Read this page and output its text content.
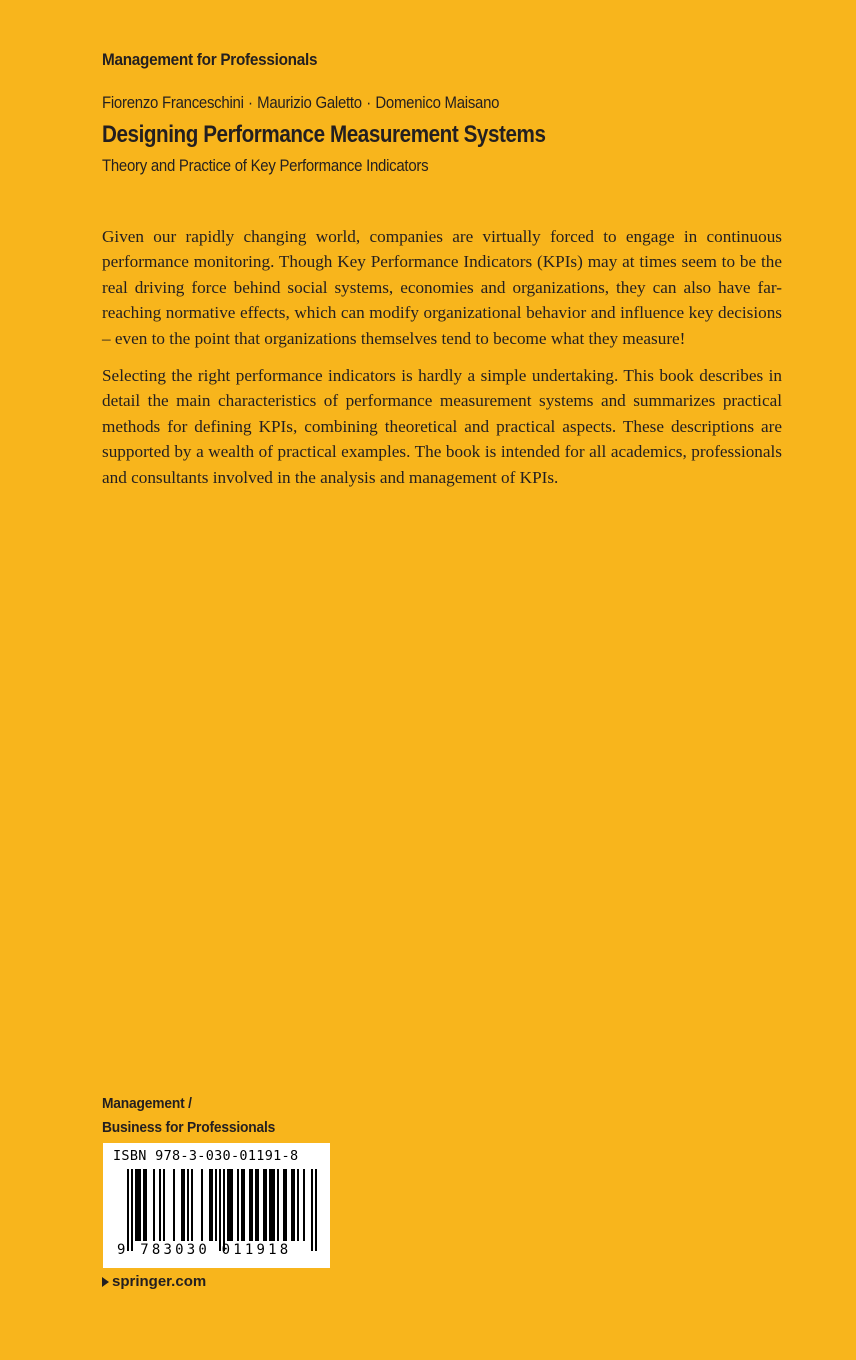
Management for Professionals
Fiorenzo Franceschini · Maurizio Galetto · Domenico Maisano
Designing Performance Measurement Systems
Theory and Practice of Key Performance Indicators

Given our rapidly changing world, companies are virtually forced to engage in continuous performance monitoring. Though Key Performance Indicators (KPIs) may at times seem to be the real driving force behind social systems, economies and organizations, they can also have far-reaching normative effects, which can modify organizational behavior and influence key decisions – even to the point that organizations themselves tend to become what they measure!

Selecting the right performance indicators is hardly a simple undertaking. This book describes in detail the main characteristics of performance measurement systems and summarizes practical methods for defining KPIs, combining theoretical and practical aspects. These descriptions are supported by a wealth of practical examples. The book is intended for all academics, professionals and consultants involved in the analysis and management of KPIs.

Management /
Business for Professionals
ISBN 978-3-030-01191-8
9 783030 011918
springer.com
